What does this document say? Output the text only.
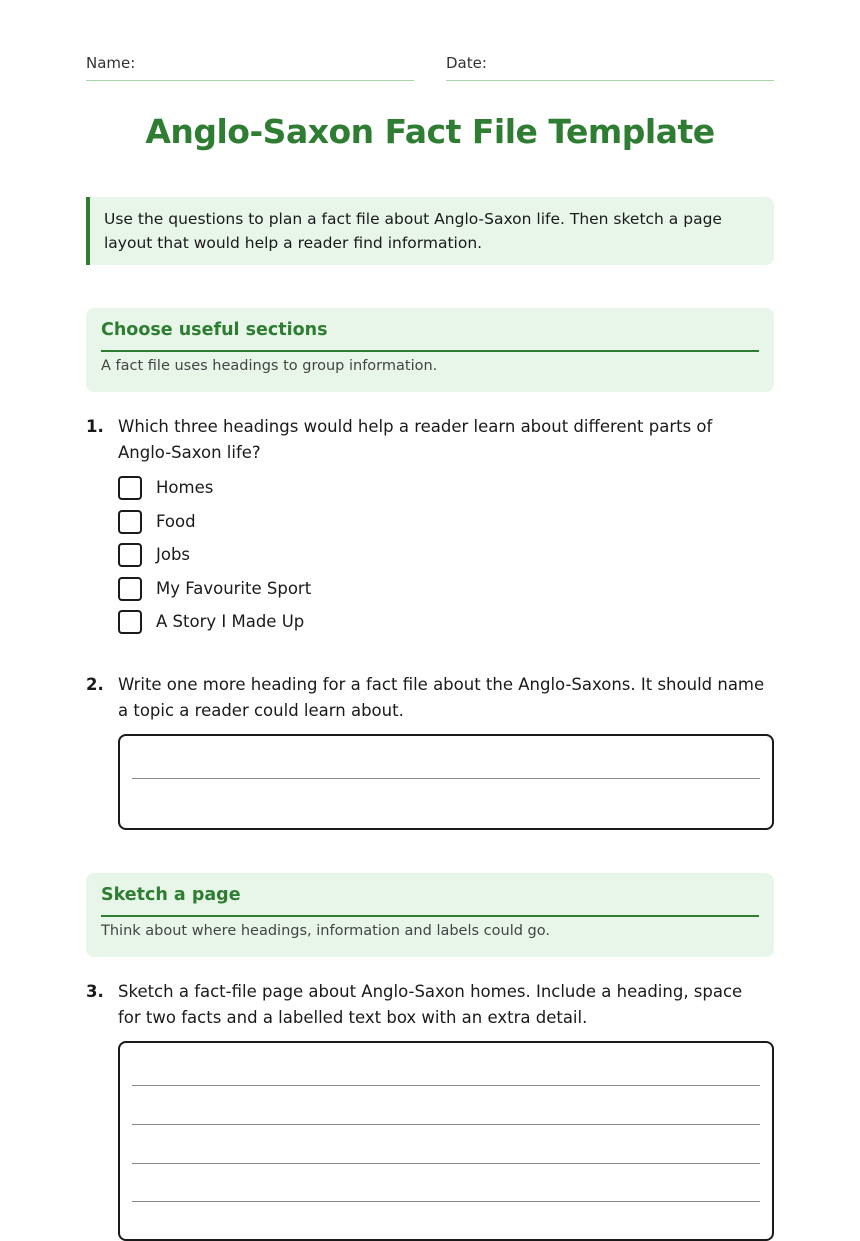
Name:	Date:
Anglo-Saxon Fact File Template
Use the questions to plan a fact file about Anglo-Saxon life. Then sketch a page layout that would help a reader find information.
Choose useful sections
A fact file uses headings to group information.
1. Which three headings would help a reader learn about different parts of Anglo-Saxon life?
Homes
Food
Jobs
My Favourite Sport
A Story I Made Up
2. Write one more heading for a fact file about the Anglo-Saxons. It should name a topic a reader could learn about.
Sketch a page
Think about where headings, information and labels could go.
3. Sketch a fact-file page about Anglo-Saxon homes. Include a heading, space for two facts and a labelled text box with an extra detail.
